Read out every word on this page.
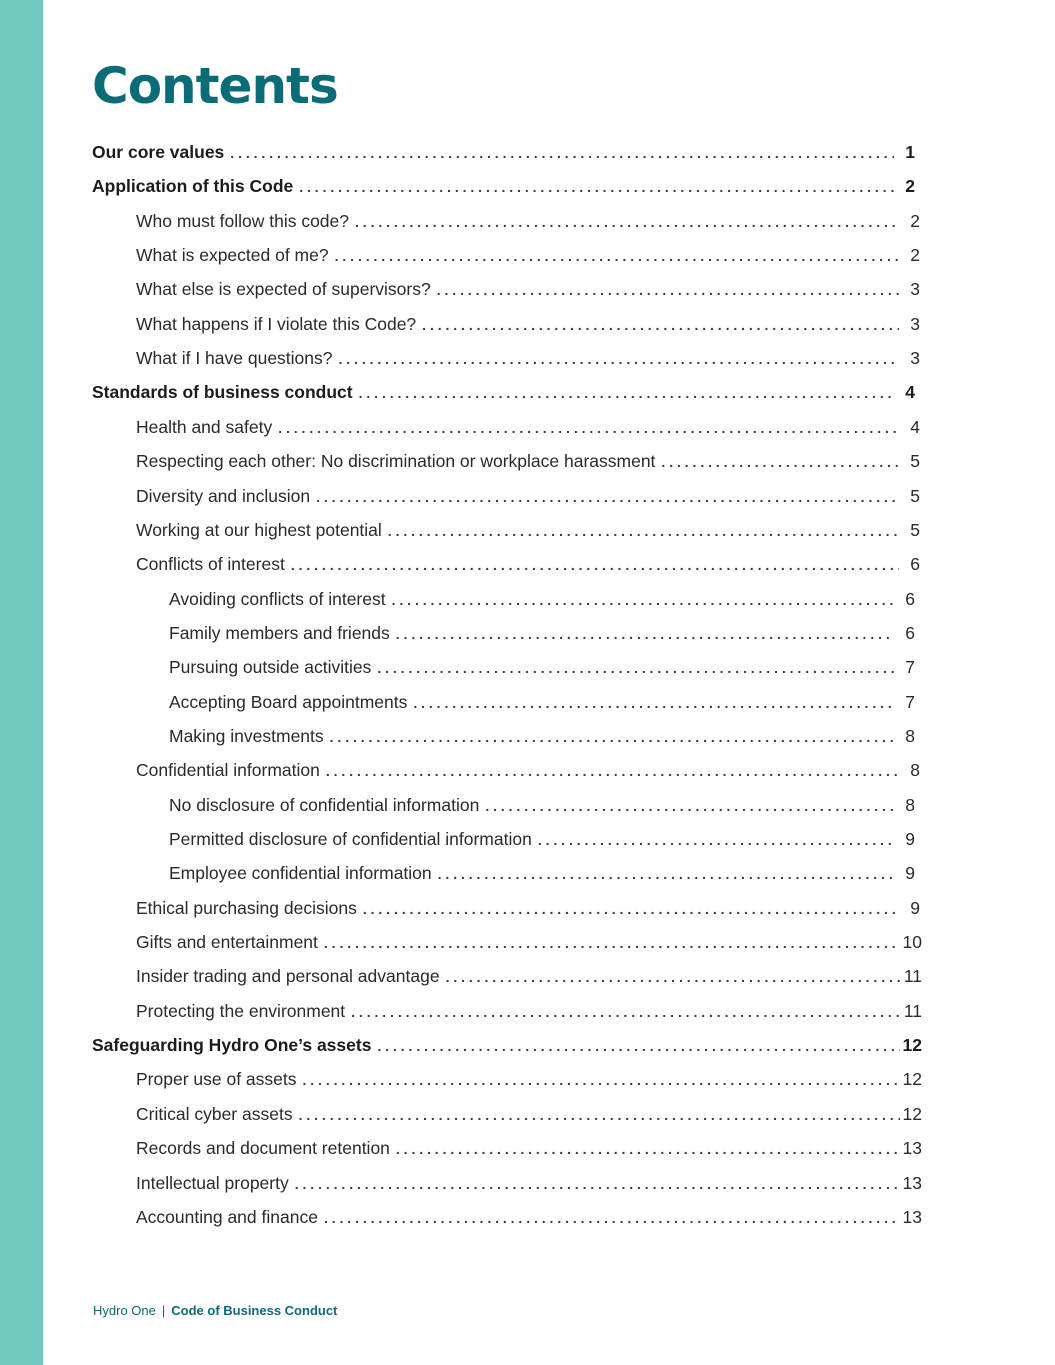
Contents
Our core values . . .	1
Application of this Code . . .	2
Who must follow this code? . . .	2
What is expected of me? . . .	2
What else is expected of supervisors? . . .	3
What happens if I violate this Code? . . .	3
What if I have questions? . . .	3
Standards of business conduct . . .	4
Health and safety . . .	4
Respecting each other: No discrimination or workplace harassment . . .	5
Diversity and inclusion . . .	5
Working at our highest potential . . .	5
Conflicts of interest . . .	6
Avoiding conflicts of interest . . .	6
Family members and friends . . .	6
Pursuing outside activities . . .	7
Accepting Board appointments . . .	7
Making investments . . .	8
Confidential information . . .	8
No disclosure of confidential information . . .	8
Permitted disclosure of confidential information . . .	9
Employee confidential information . . .	9
Ethical purchasing decisions . . .	9
Gifts and entertainment . . .	10
Insider trading and personal advantage . . .	11
Protecting the environment . . .	11
Safeguarding Hydro One’s assets . . .	12
Proper use of assets . . .	12
Critical cyber assets . . .	12
Records and document retention . . .	13
Intellectual property . . .	13
Accounting and finance . . .	13
Hydro One | Code of Business Conduct
